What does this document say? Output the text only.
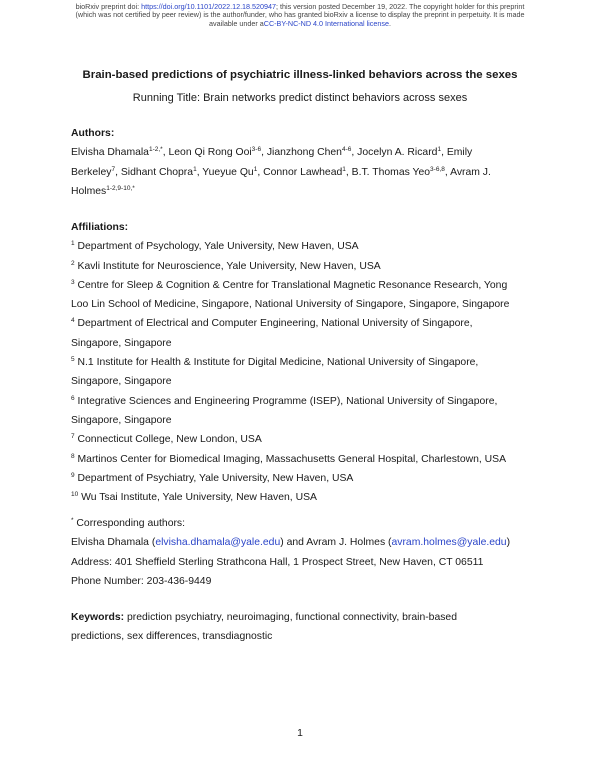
bioRxiv preprint doi: https://doi.org/10.1101/2022.12.18.520947; this version posted December 19, 2022. The copyright holder for this preprint
(which was not certified by peer review) is the author/funder, who has granted bioRxiv a license to display the preprint in perpetuity. It is made
available under aCC-BY-NC-ND 4.0 International license.
Brain-based predictions of psychiatric illness-linked behaviors across the sexes
Running Title: Brain networks predict distinct behaviors across sexes
Authors:
Elvisha Dhamala$^{1-2,*}$, Leon Qi Rong Ooi$^{3-6}$, Jianzhong Chen$^{4-6}$, Jocelyn A. Ricard$^1$, Emily
Berkeley$^7$, Sidhant Chopra$^1$, Yueyue Qu$^1$, Connor Lawhead$^1$, B.T. Thomas Yeo$^{3-6,8}$, Avram J.
Holmes$^{1-2,9-10,*}$
Affiliations:
$^1$ Department of Psychology, Yale University, New Haven, USA
$^2$ Kavli Institute for Neuroscience, Yale University, New Haven, USA
$^3$ Centre for Sleep & Cognition & Centre for Translational Magnetic Resonance Research, Yong
Loo Lin School of Medicine, Singapore, National University of Singapore, Singapore, Singapore
$^4$ Department of Electrical and Computer Engineering, National University of Singapore,
Singapore, Singapore
$^5$ N.1 Institute for Health & Institute for Digital Medicine, National University of Singapore,
Singapore, Singapore
$^6$ Integrative Sciences and Engineering Programme (ISEP), National University of Singapore,
Singapore, Singapore
$^7$ Connecticut College, New London, USA
$^8$ Martinos Center for Biomedical Imaging, Massachusetts General Hospital, Charlestown, USA
$^9$ Department of Psychiatry, Yale University, New Haven, USA
$^{10}$ Wu Tsai Institute, Yale University, New Haven, USA
* Corresponding authors:
Elvisha Dhamala (elvisha.dhamala@yale.edu) and Avram J. Holmes (avram.holmes@yale.edu)
Address: 401 Sheffield Sterling Strathcona Hall, 1 Prospect Street, New Haven, CT 06511
Phone Number: 203-436-9449
Keywords: prediction psychiatry, neuroimaging, functional connectivity, brain-based
predictions, sex differences, transdiagnostic
1
